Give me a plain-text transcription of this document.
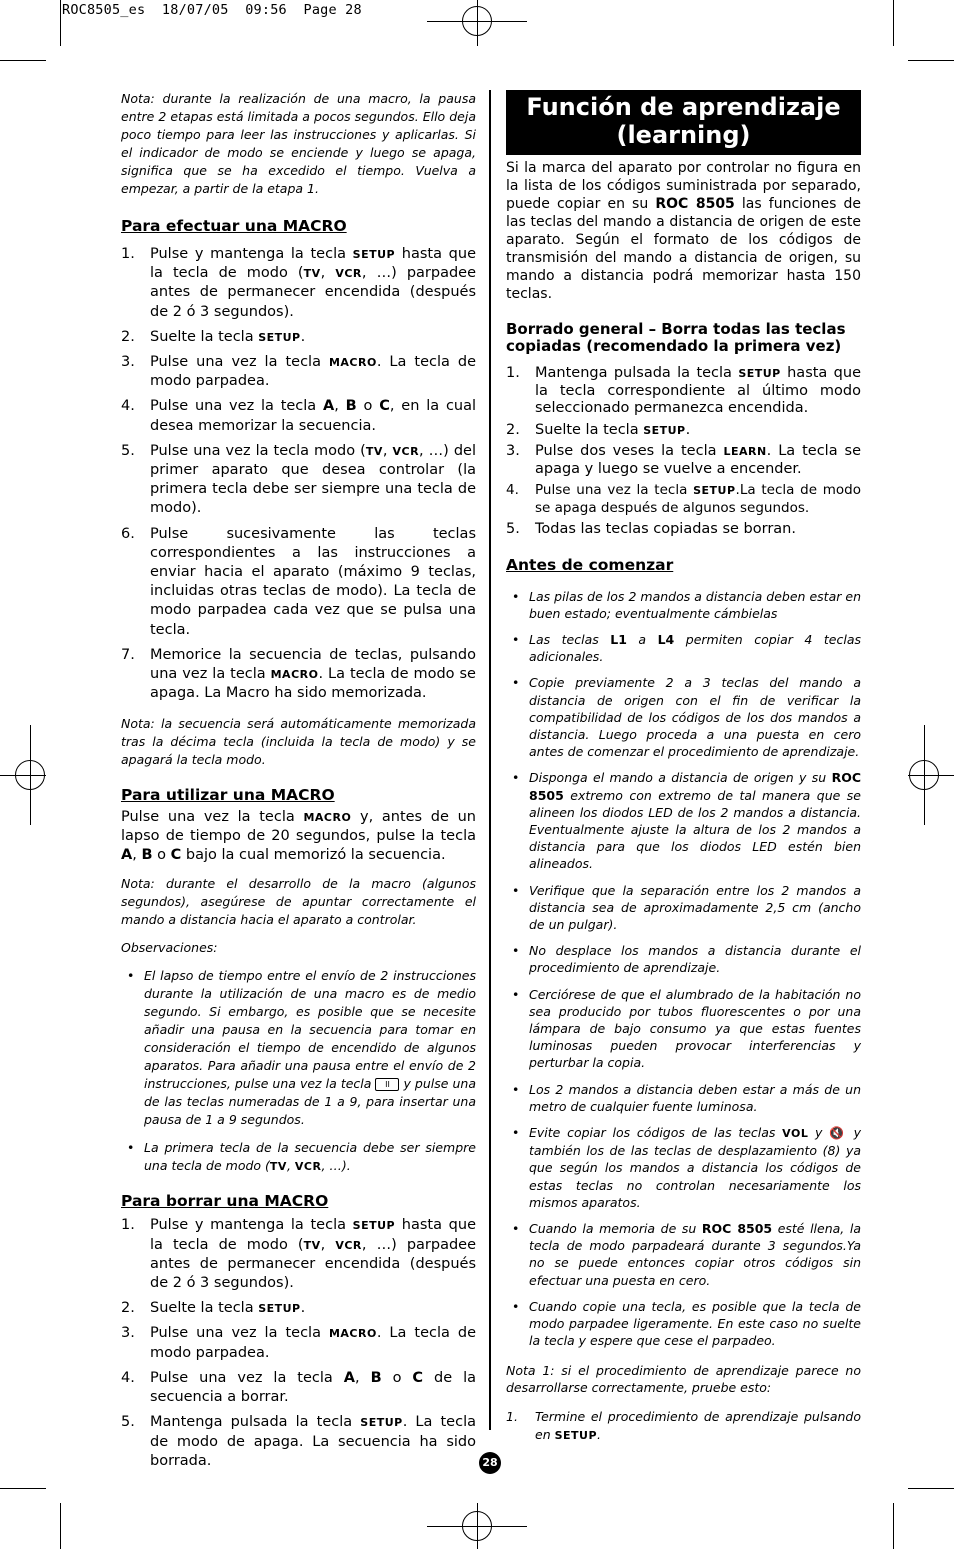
ROC8505_es  18/07/05  09:56  Page 28

Nota: durante la realización de una macro, la pausa entre 2 etapas está limitada a pocos segundos. Ello deja poco tiempo para leer las instrucciones y aplicarlas. Si el indicador de modo se enciende y luego se apaga, significa que se ha excedido el tiempo. Vuelva a empezar, a partir de la etapa 1.

Para efectuar una MACRO

1. Pulse y mantenga la tecla SETUP hasta que la tecla de modo (TV, VCR, …) parpadee antes de permanecer encendida (después de 2 ó 3 segundos).
2. Suelte la tecla SETUP.
3. Pulse una vez la tecla MACRO. La tecla de modo parpadea.
4. Pulse una vez la tecla A, B o C, en la cual desea memorizar la secuencia.
5. Pulse una vez la tecla modo (TV, VCR, …) del primer aparato que desea controlar (la primera tecla debe ser siempre una tecla de modo).
6. Pulse sucesivamente las teclas correspondientes a las instrucciones a enviar hacia el aparato (máximo 9 teclas, incluidas otras teclas de modo). La tecla de modo parpadea cada vez que se pulsa una tecla.
7. Memorice la secuencia de teclas, pulsando una vez la tecla MACRO. La tecla de modo se apaga. La Macro ha sido memorizada.

Nota: la secuencia será automáticamente memorizada tras la décima tecla (incluida la tecla de modo) y se apagará la tecla modo.

Para utilizar una MACRO

Pulse una vez la tecla MACRO y, antes de un lapso de tiempo de 20 segundos, pulse la tecla A, B o C bajo la cual memorizó la secuencia.

Nota: durante el desarrollo de la macro (algunos segundos), asegúrese de apuntar correctamente el mando a distancia hacia el aparato a controlar.

Observaciones:

• El lapso de tiempo entre el envío de 2 instrucciones durante la utilización de una macro es de medio segundo. Si embargo, es posible que se necesite añadir una pausa en la secuencia para tomar en consideración el tiempo de encendido de algunos aparatos. Para añadir una pausa entre el envío de 2 instrucciones, pulse una vez la tecla II y pulse una de las teclas numeradas de 1 a 9, para insertar una pausa de 1 a 9 segundos.
• La primera tecla de la secuencia debe ser siempre una tecla de modo (TV, VCR, …).

Para borrar una MACRO

1. Pulse y mantenga la tecla SETUP hasta que la tecla de modo (TV, VCR, …) parpadee antes de permanecer encendida (después de 2 ó 3 segundos).
2. Suelte la tecla SETUP.
3. Pulse una vez la tecla MACRO. La tecla de modo parpadea.
4. Pulse una vez la tecla A, B o C de la secuencia a borrar.
5. Mantenga pulsada la tecla SETUP. La tecla de modo de apaga. La secuencia ha sido borrada.
Función de aprendizaje
(learning)

Si la marca del aparato por controlar no figura en la lista de los códigos suministrada por separado, puede copiar en su ROC 8505 las funciones de las teclas del mando a distancia de origen de este aparato. Según el formato de los códigos de transmisión del mando a distancia de origen, su mando a distancia podrá memorizar hasta 150 teclas.

Borrado general – Borra todas las teclas copiadas (recomendado la primera vez)

1. Mantenga pulsada la tecla SETUP hasta que la tecla correspondiente al último modo seleccionado permanezca encendida.
2. Suelte la tecla SETUP.
3. Pulse dos veses la tecla LEARN. La tecla se apaga y luego se vuelve a encender.
4. Pulse una vez la tecla SETUP.La tecla de modo se apaga después de algunos segundos.
5. Todas las teclas copiadas se borran.

Antes de comenzar

• Las pilas de los 2 mandos a distancia deben estar en buen estado; eventualmente cámbielas
• Las teclas L1 a L4 permiten copiar 4 teclas adicionales.
• Copie previamente 2 a 3 teclas del mando a distancia de origen con el fin de verificar la compatibilidad de los códigos de los dos mandos a distancia. Luego proceda a una puesta en cero antes de comenzar el procedimiento de aprendizaje.
• Disponga el mando a distancia de origen y su ROC 8505 extremo con extremo de tal manera que se alineen los diodos LED de los 2 mandos a distancia. Eventualmente ajuste la altura de los 2 mandos a distancia para que los diodos LED estén bien alineados.
• Verifique que la separación entre los 2 mandos a distancia sea de aproximadamente 2,5 cm (ancho de un pulgar).
• No desplace los mandos a distancia durante el procedimiento de aprendizaje.
• Cerciórese de que el alumbrado de la habitación no sea producido por tubos fluorescentes o por una lámpara de bajo consumo ya que estas fuentes luminosas pueden provocar interferencias y perturbar la copia.
• Los 2 mandos a distancia deben estar a más de un metro de cualquier fuente luminosa.
• Evite copiar los códigos de las teclas VOL y 🔇 y también los de las teclas de desplazamiento (8) ya que según los mandos a distancia los códigos de estas teclas no controlan necesariamente los mismos aparatos.
• Cuando la memoria de su ROC 8505 esté llena, la tecla de modo parpadeará durante 3 segundos.Ya no se puede entonces copiar otros códigos sin efectuar una puesta en cero.
• Cuando copie una tecla, es posible que la tecla de modo parpadee ligeramente. En este caso no suelte la tecla y espere que cese el parpadeo.

Nota 1: si el procedimiento de aprendizaje parece no desarrollarse correctamente, pruebe esto:

1. Termine el procedimiento de aprendizaje pulsando en SETUP.

28
